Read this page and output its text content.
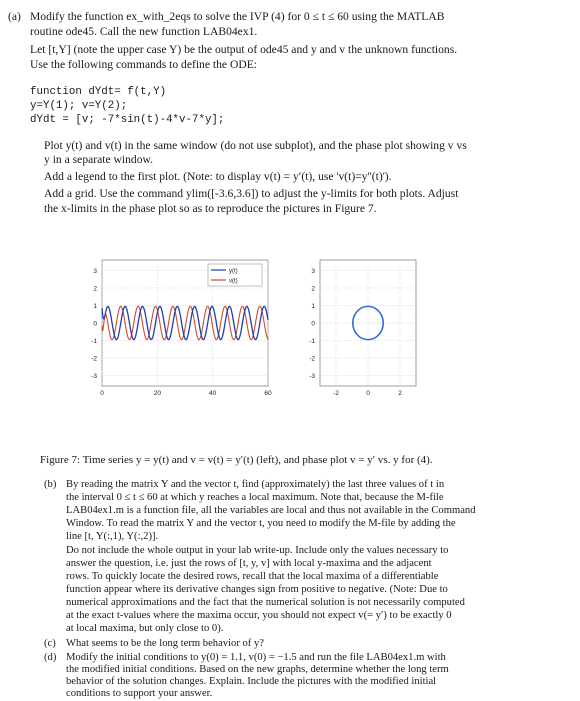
(a) Modify the function ex_with_2eqs to solve the IVP (4) for 0 ≤ t ≤ 60 using the MATLAB
routine ode45. Call the new function LAB04ex1.
Let [t,Y] (note the upper case Y) be the output of ode45 and y and v the unknown functions.
Use the following commands to define the ODE:
function dYdt= f(t,Y)
y=Y(1); v=Y(2);
dYdt = [v; -7*sin(t)-4*v-7*y];
Plot y(t) and v(t) in the same window (do not use subplot), and the phase plot showing v vs
y in a separate window.
Add a legend to the first plot. (Note: to display v(t) = y′(t), use 'v(t)=y''(t)').
Add a grid. Use the command ylim([-3.6,3.6]) to adjust the y-limits for both plots. Adjust
the x-limits in the phase plot so as to reproduce the pictures in Figure 7.
3
2
1
0
-1
-2
-3
0	20	40	60
y(t)
v(t)
3
2
1
0
-1
-2
-3
-2	0	2
Figure 7: Time series y = y(t) and v = v(t) = y′(t) (left), and phase plot v = y′ vs. y for (4).
(b) By reading the matrix Y and the vector t, find (approximately) the last three values of t in
the interval 0 ≤ t ≤ 60 at which y reaches a local maximum. Note that, because the M-file
LAB04ex1.m is a function file, all the variables are local and thus not available in the Command
Window. To read the matrix Y and the vector t, you need to modify the M-file by adding the
line [t, Y(:,1), Y(:,2)].
Do not include the whole output in your lab write-up. Include only the values necessary to
answer the question, i.e. just the rows of [t, y, v] with local y-maxima and the adjacent
rows. To quickly locate the desired rows, recall that the local maxima of a differentiable
function appear where its derivative changes sign from positive to negative. (Note: Due to
numerical approximations and the fact that the numerical solution is not necessarily computed
at the exact t-values where the maxima occur, you should not expect v(= y′) to be exactly 0
at local maxima, but only close to 0).
(c) What seems to be the long term behavior of y?
(d) Modify the initial conditions to y(0) = 1.1, v(0) = −1.5 and run the file LAB04ex1.m with
the modified initial conditions. Based on the new graphs, determine whether the long term
behavior of the solution changes. Explain. Include the pictures with the modified initial
conditions to support your answer.
